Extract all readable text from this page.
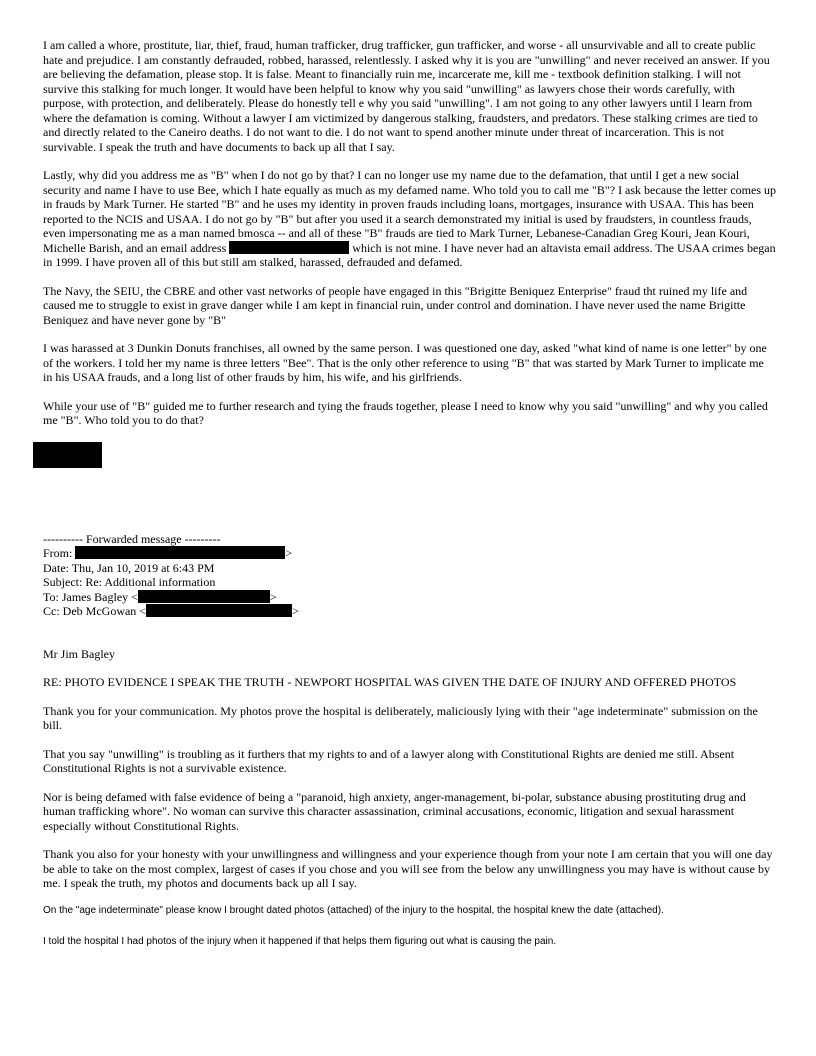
I am called a whore, prostitute, liar, thief, fraud, human trafficker, drug trafficker, gun trafficker, and worse - all unsurvivable and all to create public hate and prejudice. I am constantly defrauded, robbed, harassed, relentlessly. I asked why it is you are "unwilling" and never received an answer. If you are believing the defamation, please stop. It is false. Meant to financially ruin me, incarcerate me, kill me - textbook definition stalking. I will not survive this stalking for much longer. It would have been helpful to know why you said "unwilling" as lawyers chose their words carefully, with purpose, with protection, and deliberately. Please do honestly tell e why you said "unwilling". I am not going to any other lawyers until I learn from where the defamation is coming. Without a lawyer I am victimized by dangerous stalking, fraudsters, and predators. These stalking crimes are tied to and directly related to the Caneiro deaths. I do not want to die. I do not want to spend another minute under threat of incarceration. This is not survivable. I speak the truth and have documents to back up all that I say.

Lastly, why did you address me as "B" when I do not go by that? I can no longer use my name due to the defamation, that until I get a new social security and name I have to use Bee, which I hate equally as much as my defamed name. Who told you to call me "B"? I ask because the letter comes up in frauds by Mark Turner. He started "B" and he uses my identity in proven frauds including loans, mortgages, insurance with USAA. This has been reported to the NCIS and USAA. I do not go by "B" but after you used it a search demonstrated my initial is used by fraudsters, in countless frauds, even impersonating me as a man named bmosca -- and all of these "B" frauds are tied to Mark Turner, Lebanese-Canadian Greg Kouri, Jean Kouri, Michelle Barish, and an email address	which is not mine. I have never had an altavista email address. The USAA crimes began in 1999. I have proven all of this but still am stalked, harassed, defrauded and defamed.

The Navy, the SEIU, the CBRE and other vast networks of people have engaged in this "Brigitte Beniquez Enterprise" fraud tht ruined my life and caused me to struggle to exist in grave danger while I am kept in financial ruin, under control and domination. I have never used the name Brigitte Beniquez and have never gone by "B"

I was harassed at 3 Dunkin Donuts franchises, all owned by the same person. I was questioned one day, asked "what kind of name is one letter" by one of the workers. I told her my name is three letters "Bee". That is the only other reference to using "B" that was started by Mark Turner to implicate me in his USAA frauds, and a long list of other frauds by him, his wife, and his girlfriends.

While your use of "B" guided me to further research and tying the frauds together, please I need to know why you said "unwilling" and why you called me "B". Who told you to do that?

---------- Forwarded message ---------
From:	>
Date: Thu, Jan 10, 2019 at 6:43 PM
Subject: Re: Additional information
To: James Bagley <	>
Cc: Deb McGowan <	>

Mr Jim Bagley

RE: PHOTO EVIDENCE I SPEAK THE TRUTH - NEWPORT HOSPITAL WAS GIVEN THE DATE OF INJURY AND OFFERED PHOTOS

Thank you for your communication. My photos prove the hospital is deliberately, maliciously lying with their "age indeterminate" submission on the bill.

That you say "unwilling" is troubling as it furthers that my rights to and of a lawyer along with Constitutional Rights are denied me still. Absent Constitutional Rights is not a survivable existence.

Nor is being defamed with false evidence of being a "paranoid, high anxiety, anger-management, bi-polar, substance abusing prostituting drug and human trafficking whore". No woman can survive this character assassination, criminal accusations, economic, litigation and sexual harassment especially without Constitutional Rights.

Thank you also for your honesty with your unwillingness and willingness and your experience though from your note I am certain that you will one day be able to take on the most complex, largest of cases if you chose and you will see from the below any unwillingness you may have is without cause by me. I speak the truth, my photos and documents back up all I say.

On the "age indeterminate" please know I brought dated photos (attached) of the injury to the hospital, the hospital knew the date (attached).

I told the hospital I had photos of the injury when it happened if that helps them figuring out what is causing the pain.
